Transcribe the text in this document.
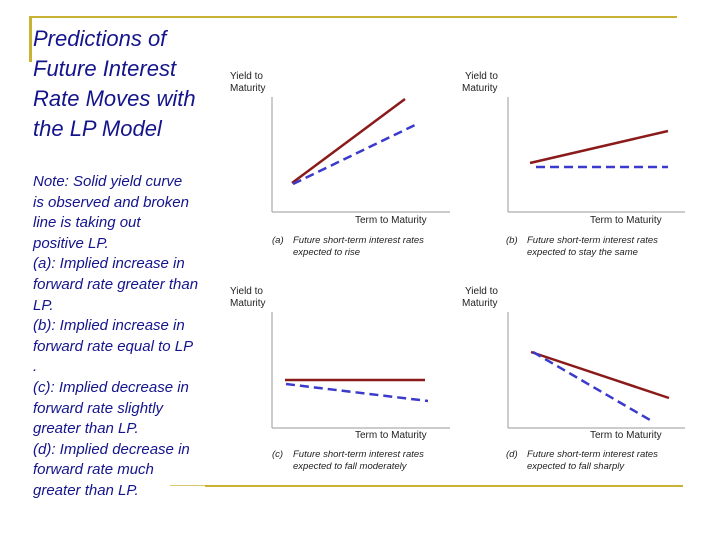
Predictions of
Future Interest
Rate Moves with
the LP Model
Note: Solid yield curve
is observed and broken
line is taking out
positive LP.
(a): Implied increase in
forward rate greater than
LP.
(b): Implied increase in
forward rate equal to LP
.
(c): Implied decrease in
forward rate slightly
greater than LP.
(d): Implied decrease in
forward rate much
greater than LP.
Yield to
Maturity
Term to Maturity
(a) Future short-term interest rates
expected to rise
Yield to
Maturity
Term to Maturity
(b) Future short-term interest rates
expected to stay the same
Yield to
Maturity
Term to Maturity
(c) Future short-term interest rates
expected to fall moderately
Yield to
Maturity
Term to Maturity
(d) Future short-term interest rates
expected to fall sharply
